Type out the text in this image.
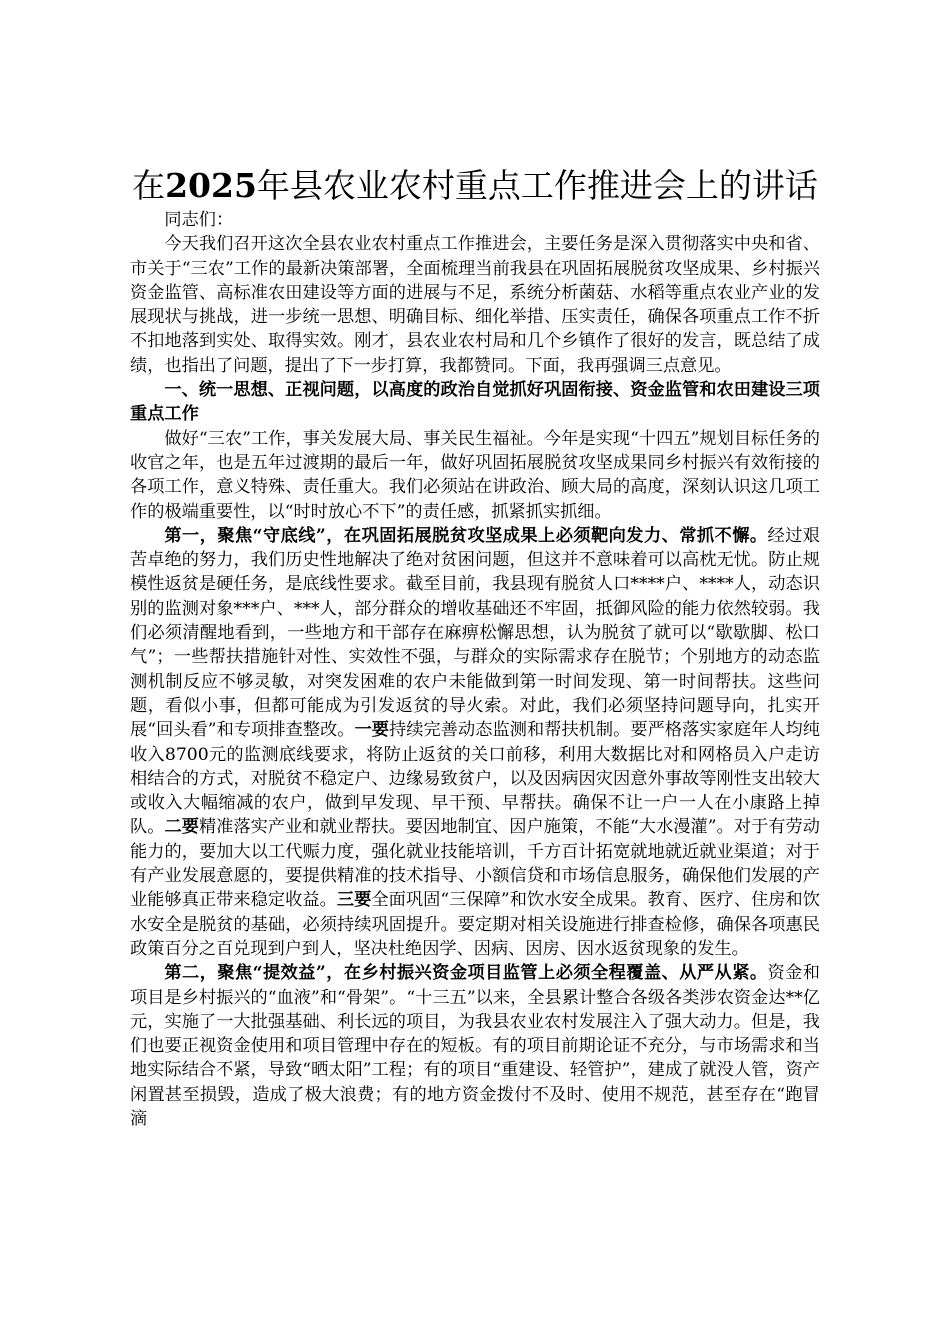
在2025年县农业农村重点工作推进会上的讲话

同志们：

今天我们召开这次全县农业农村重点工作推进会，主要任务是深入贯彻落实中央和省、市关于“三农”工作的最新决策部署，全面梳理当前我县在巩固拓展脱贫攻坚成果、乡村振兴资金监管、高标准农田建设等方面的进展与不足，系统分析菌菇、水稻等重点农业产业的发展现状与挑战，进一步统一思想、明确目标、细化举措、压实责任，确保各项重点工作不折不扣地落到实处、取得实效。刚才，县农业农村局和几个乡镇作了很好的发言，既总结了成绩，也指出了问题，提出了下一步打算，我都赞同。下面，我再强调三点意见。

一、统一思想、正视问题，以高度的政治自觉抓好巩固衔接、资金监管和农田建设三项重点工作

做好“三农”工作，事关发展大局、事关民生福祉。今年是实现“十四五”规划目标任务的收官之年，也是五年过渡期的最后一年，做好巩固拓展脱贫攻坚成果同乡村振兴有效衔接的各项工作，意义特殊、责任重大。我们必须站在讲政治、顾大局的高度，深刻认识这几项工作的极端重要性，以“时时放心不下”的责任感，抓紧抓实抓细。

第一，聚焦“守底线”，在巩固拓展脱贫攻坚成果上必须靶向发力、常抓不懈。经过艰苦卓绝的努力，我们历史性地解决了绝对贫困问题，但这并不意味着可以高枕无忧。防止规模性返贫是硬任务，是底线性要求。截至目前，我县现有脱贫人口****户、****人，动态识别的监测对象***户、***人，部分群众的增收基础还不牢固，抵御风险的能力依然较弱。我们必须清醒地看到，一些地方和干部存在麻痹松懈思想，认为脱贫了就可以“歇歇脚、松口气”；一些帮扶措施针对性、实效性不强，与群众的实际需求存在脱节；个别地方的动态监测机制反应不够灵敏，对突发困难的农户未能做到第一时间发现、第一时间帮扶。这些问题，看似小事，但都可能成为引发返贫的导火索。对此，我们必须坚持问题导向，扎实开展“回头看”和专项排查整改。一要持续完善动态监测和帮扶机制。要严格落实家庭年人均纯收入8700元的监测底线要求，将防止返贫的关口前移，利用大数据比对和网格员入户走访相结合的方式，对脱贫不稳定户、边缘易致贫户，以及因病因灾因意外事故等刚性支出较大或收入大幅缩减的农户，做到早发现、早干预、早帮扶。确保不让一户一人在小康路上掉队。二要精准落实产业和就业帮扶。要因地制宜、因户施策，不能“大水漫灌”。对于有劳动能力的，要加大以工代赈力度，强化就业技能培训，千方百计拓宽就地就近就业渠道；对于有产业发展意愿的，要提供精准的技术指导、小额信贷和市场信息服务，确保他们发展的产业能够真正带来稳定收益。三要全面巩固“三保障”和饮水安全成果。教育、医疗、住房和饮水安全是脱贫的基础，必须持续巩固提升。要定期对相关设施进行排查检修，确保各项惠民政策百分之百兑现到户到人，坚决杜绝因学、因病、因房、因水返贫现象的发生。

第二，聚焦“提效益”，在乡村振兴资金项目监管上必须全程覆盖、从严从紧。资金和项目是乡村振兴的“血液”和“骨架”。“十三五”以来，全县累计整合各级各类涉农资金达**亿元，实施了一大批强基础、利长远的项目，为我县农业农村发展注入了强大动力。但是，我们也要正视资金使用和项目管理中存在的短板。有的项目前期论证不充分，与市场需求和当地实际结合不紧，导致“晒太阳”工程；有的项目“重建设、轻管护”，建成了就没人管，资产闲置甚至损毁，造成了极大浪费；有的地方资金拨付不及时、使用不规范，甚至存在“跑冒滴
